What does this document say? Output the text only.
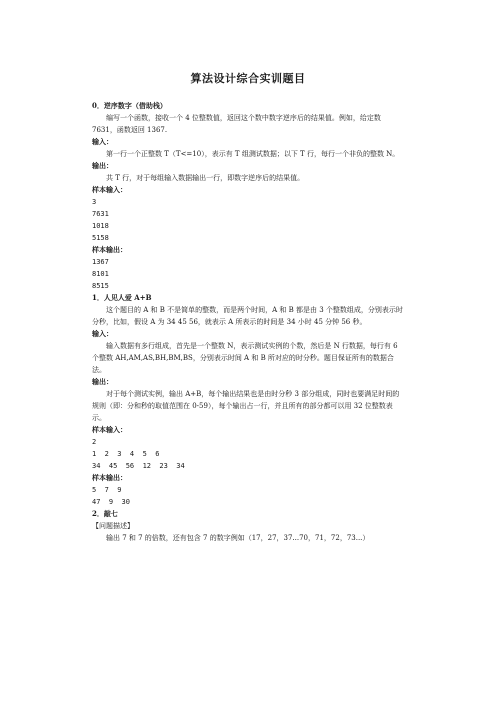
算法设计综合实训题目
0．逆序数字（借助栈）
编写一个函数，接收一个 4 位整数值，返回这个数中数字逆序后的结果值。例如，给定数 7631，函数返回 1367.
输入：
第一行一个正整数 T（T<=10），表示有 T 组测试数据；以下 T 行，每行一个非负的整数 N。
输出：
共 T 行，对于每组输入数据输出一行，即数字逆序后的结果值。
样本输入：
3
7631
1018
5158
样本输出：
1367
8101
8515
1．人见人爱 A+B
这个题目的 A 和 B 不是简单的整数，而是两个时间，A 和 B 都是由 3 个整数组成，分别表示时分秒，比如，假设 A 为 34 45 56，就表示 A 所表示的时间是 34 小时 45 分钟 56 秒。
输入：
输入数据有多行组成，首先是一个整数 N，表示测试实例的个数，然后是 N 行数据，每行有 6 个整数 AH,AM,AS,BH,BM,BS，分别表示时间 A 和 B 所对应的时分秒。题目保证所有的数据合法。
输出：
对于每个测试实例，输出 A+B，每个输出结果也是由时分秒 3 部分组成，同时也要满足时间的规则（即：分和秒的取值范围在 0-59），每个输出占一行，并且所有的部分都可以用 32 位整数表示。
样本输入：
2
1  2  3  4  5  6
34  45  56  12  23  34
样本输出：
5  7  9
47  9  30
2．敲七
【问题描述】
输出 7 和 7 的倍数，还有包含 7 的数字例如（17，27，37...70，71，72，73...）
